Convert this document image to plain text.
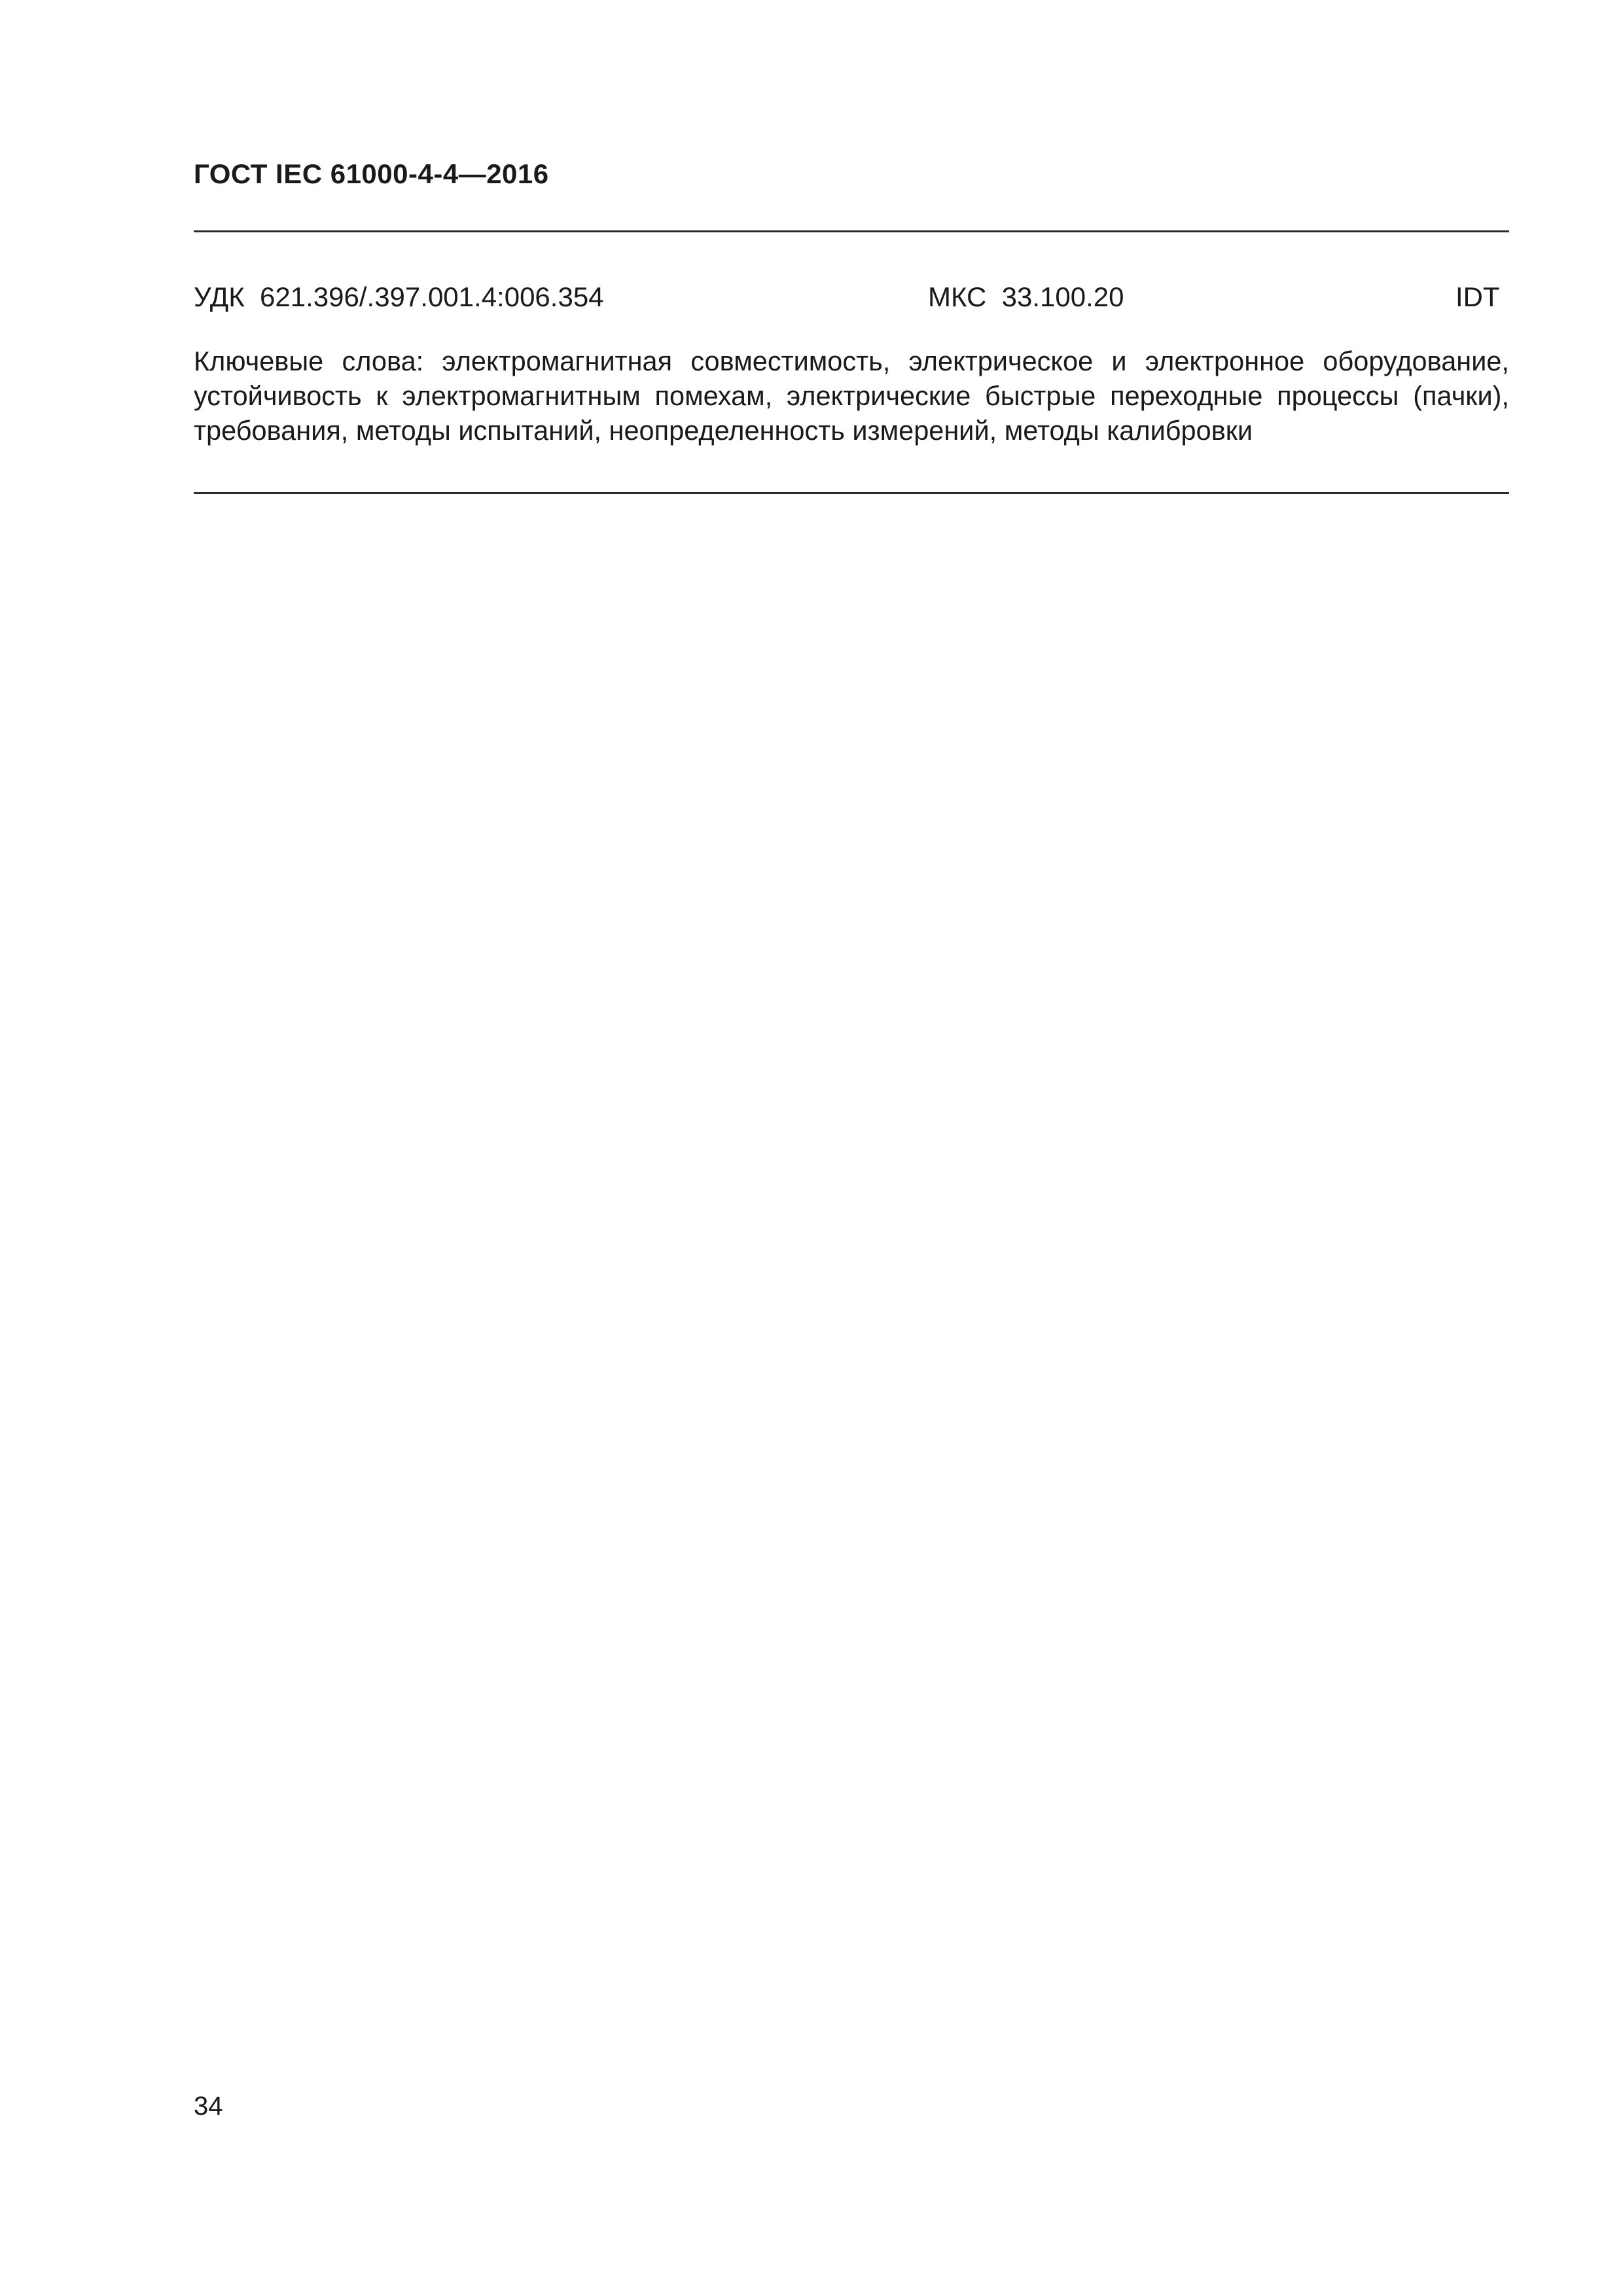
ГОСТ IEC 61000-4-4—2016
УДК  621.396/.397.001.4:006.354	МКС  33.100.20	IDT
Ключевые слова: электромагнитная совместимость, электрическое и электронное оборудование, устойчивость к электромагнитным помехам, электрические быстрые переходные процессы (пачки), требования, методы испытаний, неопределенность измерений, методы калибровки
34
